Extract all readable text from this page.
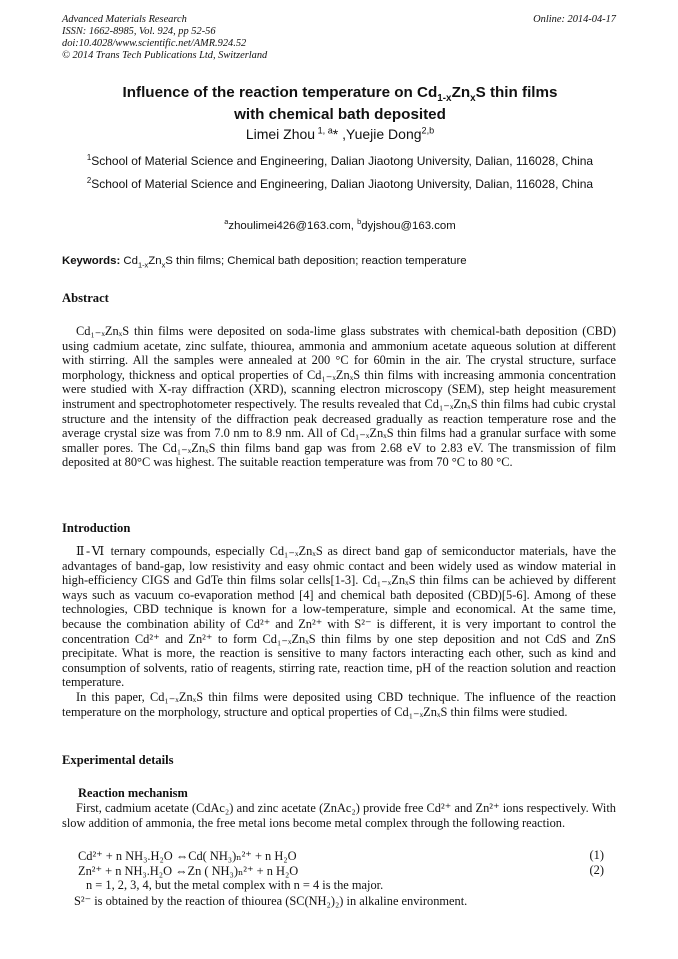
Advanced Materials Research
ISSN: 1662-8985, Vol. 924, pp 52-56
doi:10.4028/www.scientific.net/AMR.924.52
© 2014 Trans Tech Publications Ltd, Switzerland
Online: 2014-04-17
Influence of the reaction temperature on $Cd_{1-x}Zn_xS$ thin films
with chemical bath deposited
Limei Zhou $^{1, a}$* ,Yuejie Dong$^{2,b}$
$^1$School of Material Science and Engineering, Dalian Jiaotong University, Dalian, 116028, China
$^2$School of Material Science and Engineering, Dalian Jiaotong University, Dalian, 116028, China
$^a$zhoulimei426@163.com, $^b$dyjshou@163.com
Keywords: $Cd_{1-x}Zn_xS$ thin films; Chemical bath deposition; reaction temperature
Abstract

Cd₁₋ₓZnₓS thin films were deposited on soda-lime glass substrates with chemical-bath deposition (CBD) using cadmium acetate, zinc sulfate, thiourea, ammonia and ammonium acetate aqueous solution at different with stirring. All the samples were annealed at 200 °C for 60min in the air. The crystal structure, surface morphology, thickness and optical properties of Cd₁₋ₓZnₓS thin films with increasing ammonia concentration were studied with X-ray diffraction (XRD), scanning electron microscopy (SEM), step height measurement instrument and spectrophotometer respectively. The results revealed that Cd₁₋ₓZnₓS thin films had cubic crystal structure and the intensity of the diffraction peak decreased gradually as reaction temperature rose and the average crystal size was from 7.0 nm to 8.9 nm. All of Cd₁₋ₓZnₓS thin films had a granular surface with some smaller pores. The Cd₁₋ₓZnₓS thin films band gap was from 2.68 eV to 2.83 eV. The transmission of film deposited at 80°C was highest. The suitable reaction temperature was from 70 °C to 80 °C.

Introduction

Ⅱ-Ⅵ ternary compounds, especially Cd₁₋ₓZnₓS as direct band gap of semiconductor materials, have the advantages of band-gap, low resistivity and easy ohmic contact and been widely used as window material in high-efficiency CIGS and GdTe thin films solar cells[1-3]. Cd₁₋ₓZnₓS thin films can be achieved by different ways such as vacuum co-evaporation method [4] and chemical bath deposited (CBD)[5-6]. Among of these technologies, CBD technique is known for a low-temperature, simple and economical. At the same time, because the combination ability of Cd²⁺ and Zn²⁺ with S²⁻ is different, it is very important to control the concentration Cd²⁺ and Zn²⁺ to form Cd₁₋ₓZnₓS thin films by one step deposition and not CdS and ZnS precipitate. What is more, the reaction is sensitive to many factors interacting each other, such as kind and consumption of solvents, ratio of reagents, stirring rate, reaction time, pH of the reaction solution and reaction temperature.

In this paper, Cd₁₋ₓZnₓS thin films were deposited using CBD technique. The influence of the reaction temperature on the morphology, structure and optical properties of Cd₁₋ₓZnₓS thin films were studied.

Experimental details
Reaction mechanism

First, cadmium acetate (CdAc₂) and zinc acetate (ZnAc₂) provide free Cd²⁺ and Zn²⁺ ions respectively. With slow addition of ammonia, the free metal ions become metal complex through the following reaction.

Cd²⁺ + n NH₃.H₂O ⇔Cd( NH₃)ₙ²⁺ + n H₂O	(1)
Zn²⁺ + n NH₃.H₂O ⇔Zn ( NH₃)ₙ²⁺ + n H₂O	(2)
n = 1, 2, 3, 4, but the metal complex with n = 4 is the major.
S²⁻ is obtained by the reaction of thiourea (SC(NH₂)₂) in alkaline environment.
